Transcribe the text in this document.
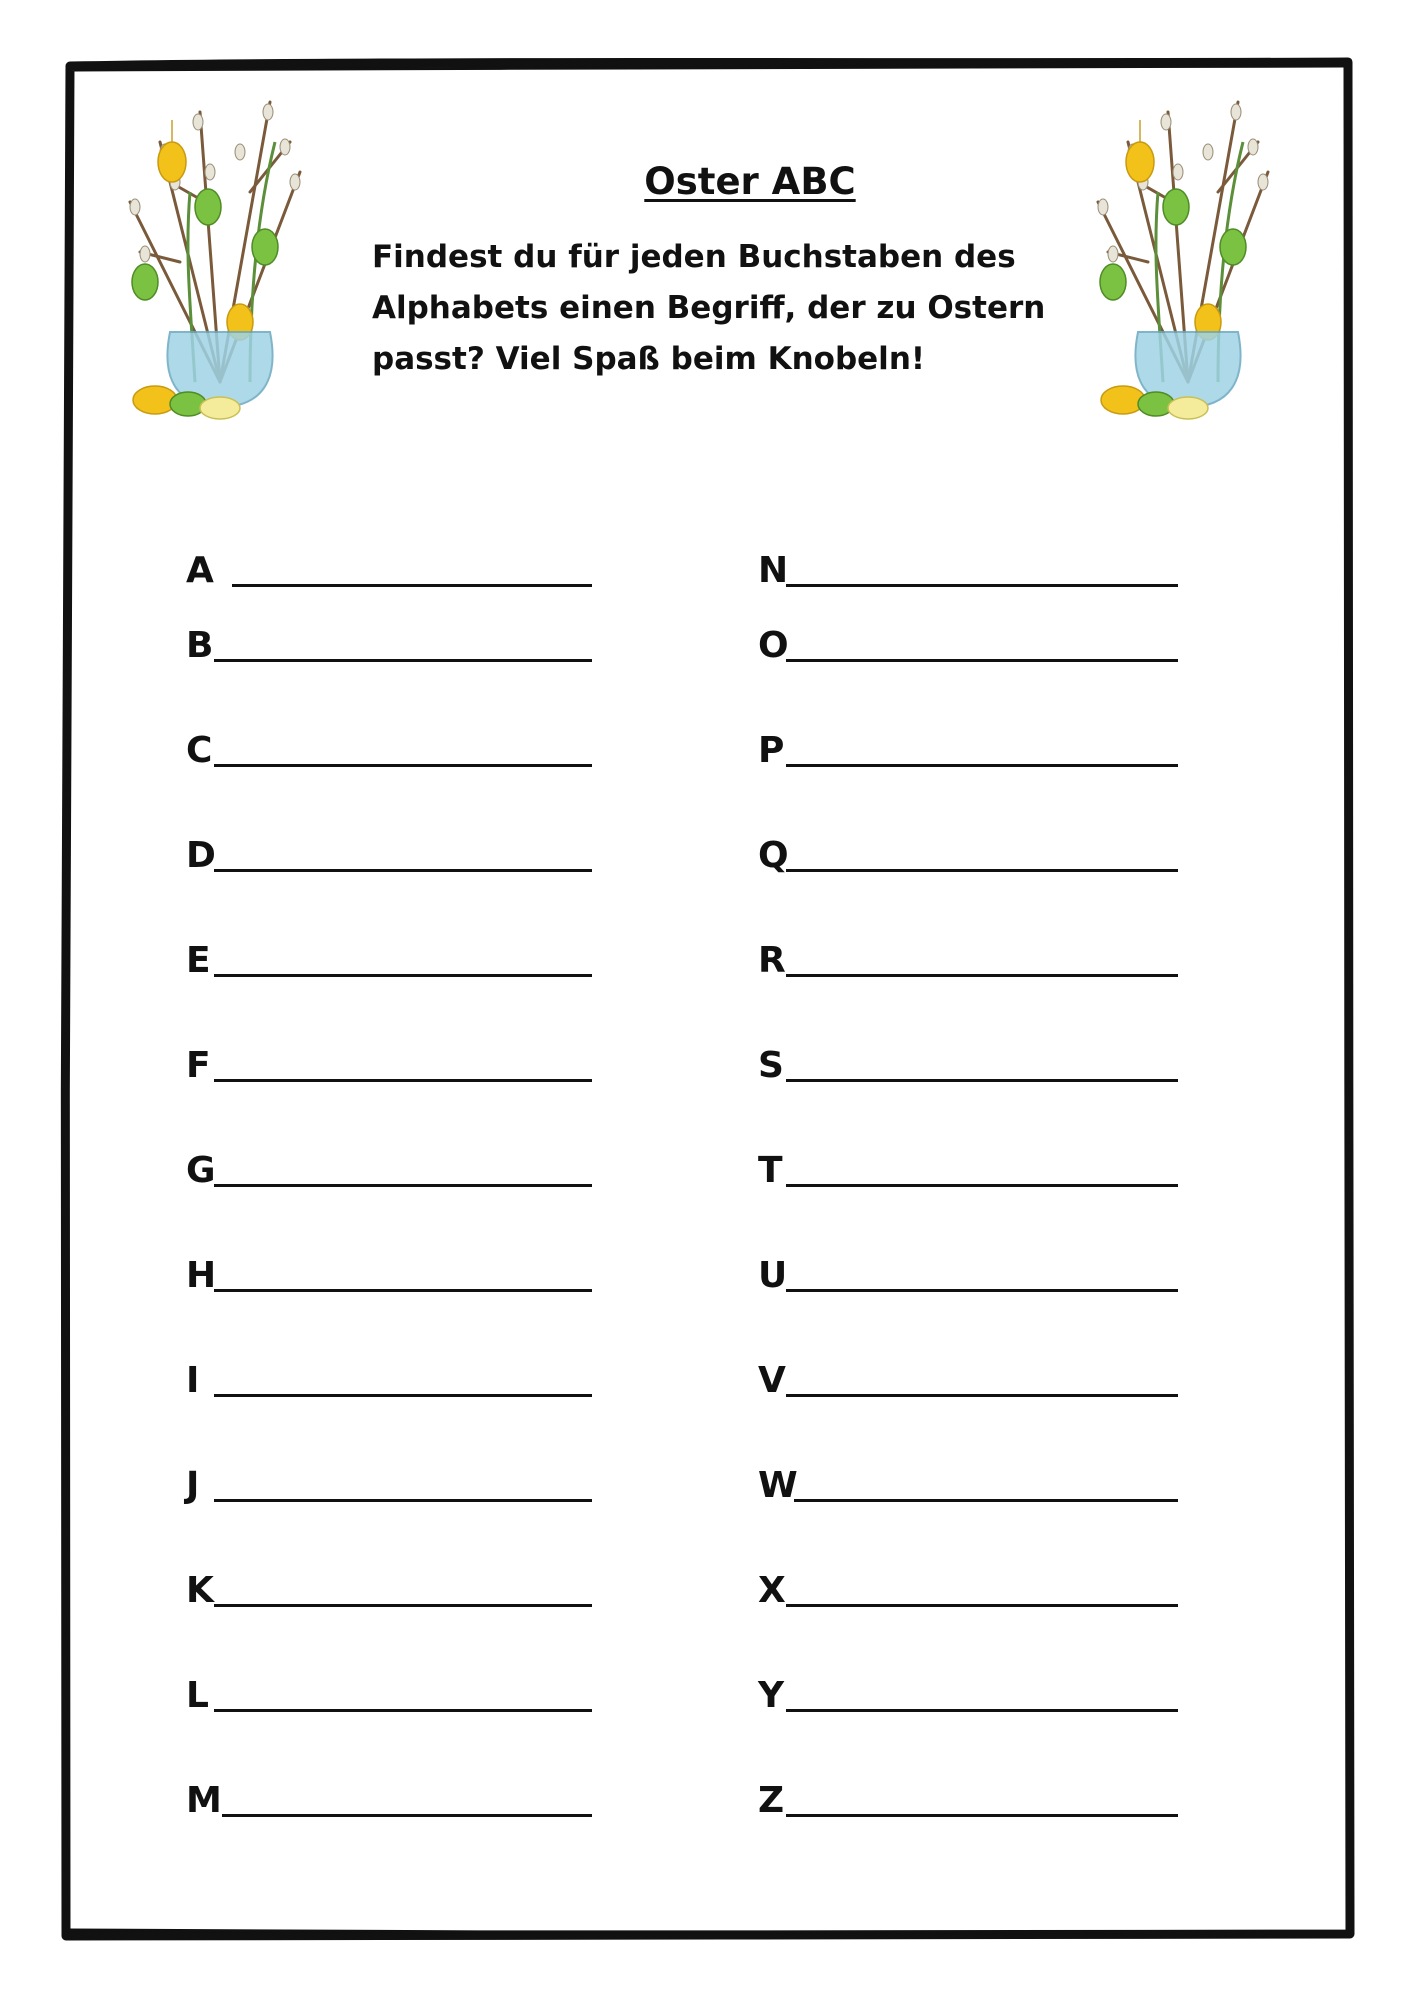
Oster ABC
Findest du für jeden Buchstaben des
Alphabets einen Begriff, der zu Ostern
passt? Viel Spaß beim Knobeln!
A
B
C
D
E
F
G
H
I
J
K
L
M
N
O
P
Q
R
S
T
U
V
W
X
Y
Z
